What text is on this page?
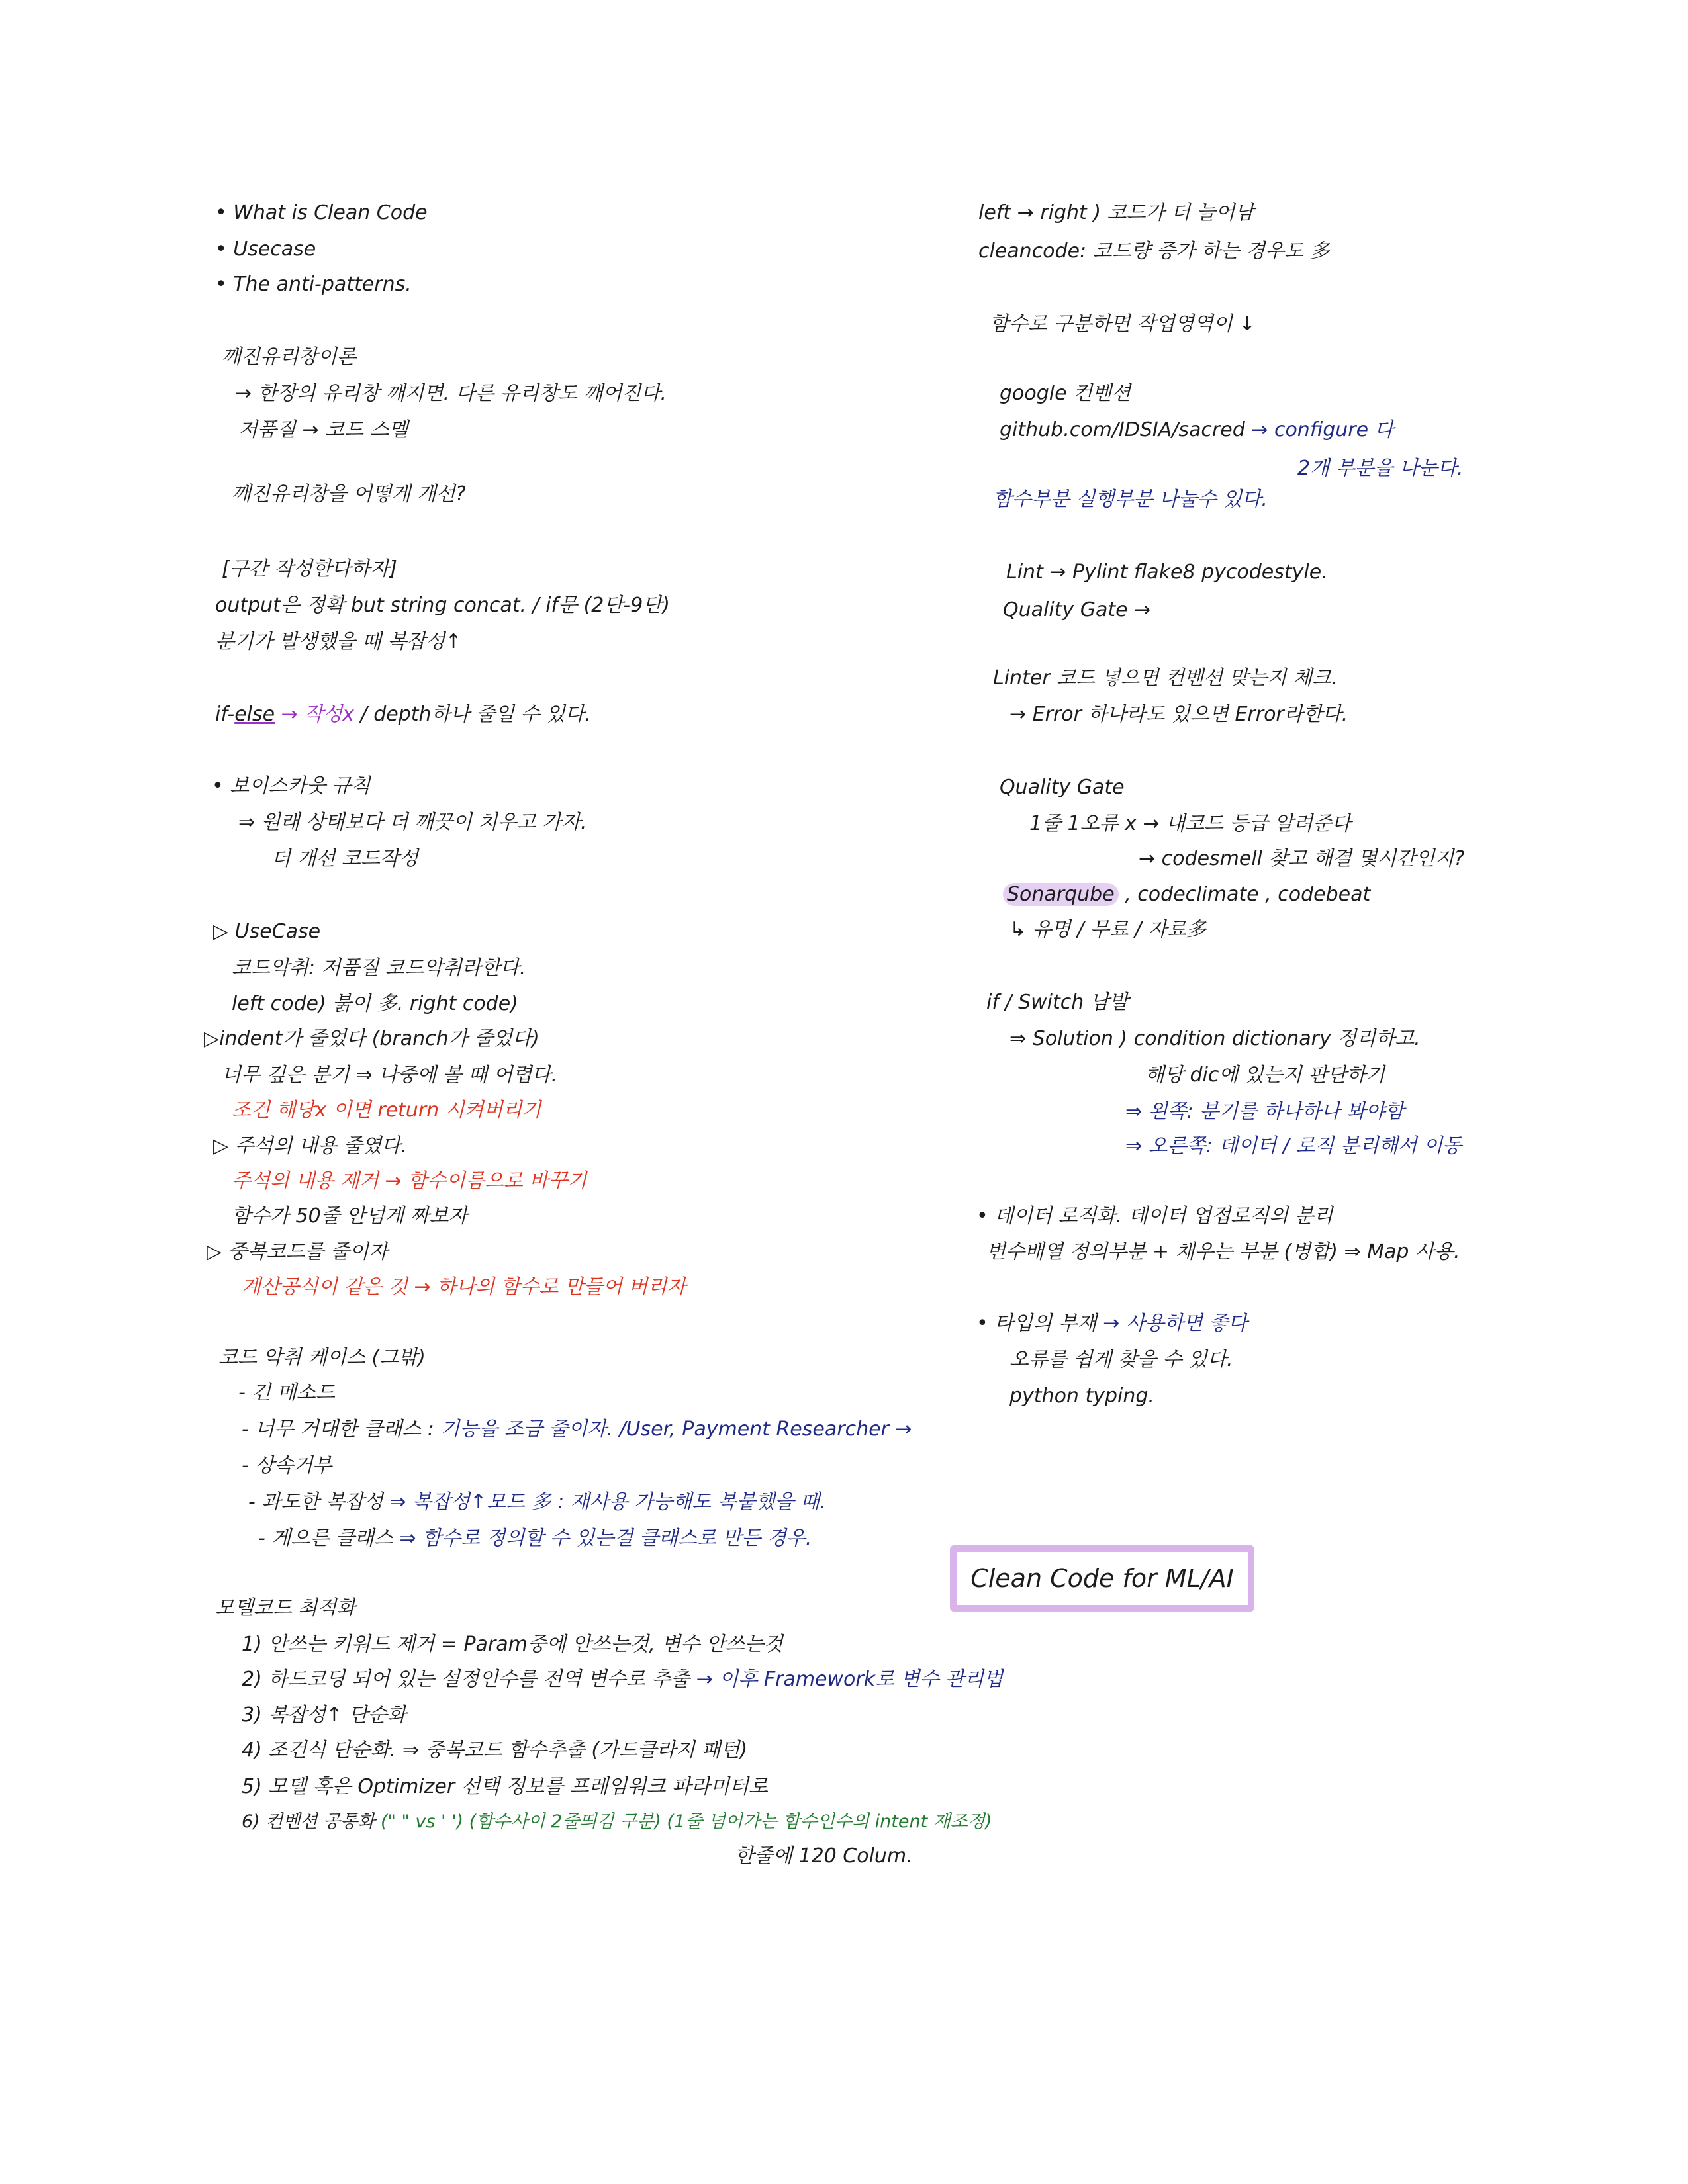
• What is Clean Code
• Usecase
• The anti-patterns.
깨진유리창이론
→ 한장의 유리창 깨지면. 다른 유리창도 깨어진다.
저품질 → 코드 스멜
깨진유리창을 어떻게 개선?
[구간 작성한다하자]
output은 정확 but string concat. / if문 (2단-9단)
분기가 발생했을 때 복잡성↑
if-else → 작성x / depth하나 줄일 수 있다.
• 보이스카웃 규칙
⇒ 원래 상태보다 더 깨끗이 치우고 가자.
더 개선 코드작성
▷ UseCase
코드악취: 저품질 코드악취라한다.
left code) 붉이 多. right code)
▷indent가 줄었다 (branch가 줄었다)
너무 깊은 분기 ⇒ 나중에 볼 때 어렵다.
조건 해당x 이면 return 시켜버리기
▷ 주석의 내용 줄였다.
주석의 내용 제거 → 함수이름으로 바꾸기
함수가 50줄 안넘게 짜보자
▷ 중복코드를 줄이자
계산공식이 같은 것 → 하나의 함수로 만들어 버리자
코드 악취 케이스 (그밖)
- 긴 메소드
- 너무 거대한 클래스 : 기능을 조금 줄이자. /User, Payment Researcher →
- 상속거부
- 과도한 복잡성 ⇒ 복잡성↑모드 多 : 재사용 가능해도 복붙했을 때.
- 게으른 클래스 ⇒ 함수로 정의할 수 있는걸 클래스로 만든 경우.
모델코드 최적화
1) 안쓰는 키워드 제거 = Param중에 안쓰는것, 변수 안쓰는것
2) 하드코딩 되어 있는 설정인수를 전역 변수로 추출 → 이후 Framework로 변수 관리법
3) 복잡성↑ 단순화
4) 조건식 단순화. ⇒ 중복코드 함수추출 (가드클라지 패턴)
5) 모델 혹은 Optimizer 선택 정보를 프레임워크 파라미터로
6) 컨벤션 공통화 (" " vs ' ') (함수사이 2줄띄김 구분) (1줄 넘어가는 함수인수의 intent 재조정)
한줄에 120 Colum.
left → right ) 코드가 더 늘어남
cleancode: 코드량 증가 하는 경우도 多
함수로 구분하면 작업영역이 ↓
google 컨벤션
github.com/IDSIA/sacred → configure 다
2개 부분을 나눈다.
함수부분 실행부분 나눌수 있다.
Lint → Pylint flake8 pycodestyle.
Quality Gate →
Linter 코드 넣으면 컨벤션 맞는지 체크.
→ Error 하나라도 있으면 Error라한다.
Quality Gate
1줄 1오류 x → 내코드 등급 알려준다
→ codesmell 찾고 해결 몇시간인지?
Sonarqube , codeclimate , codebeat
↳ 유명 / 무료 / 자료多
if / Switch 남발
⇒ Solution ) condition dictionary 정리하고.
해당 dic에 있는지 판단하기
⇒ 왼쪽: 분기를 하나하나 봐야함
⇒ 오른쪽: 데이터 / 로직 분리해서 이동
• 데이터 로직화. 데이터 업접로직의 분리
변수배열 정의부분 + 채우는 부분 (병합) ⇒ Map 사용.
• 타입의 부재 → 사용하면 좋다
오류를 쉽게 찾을 수 있다.
python typing.
Clean Code for ML/AI
